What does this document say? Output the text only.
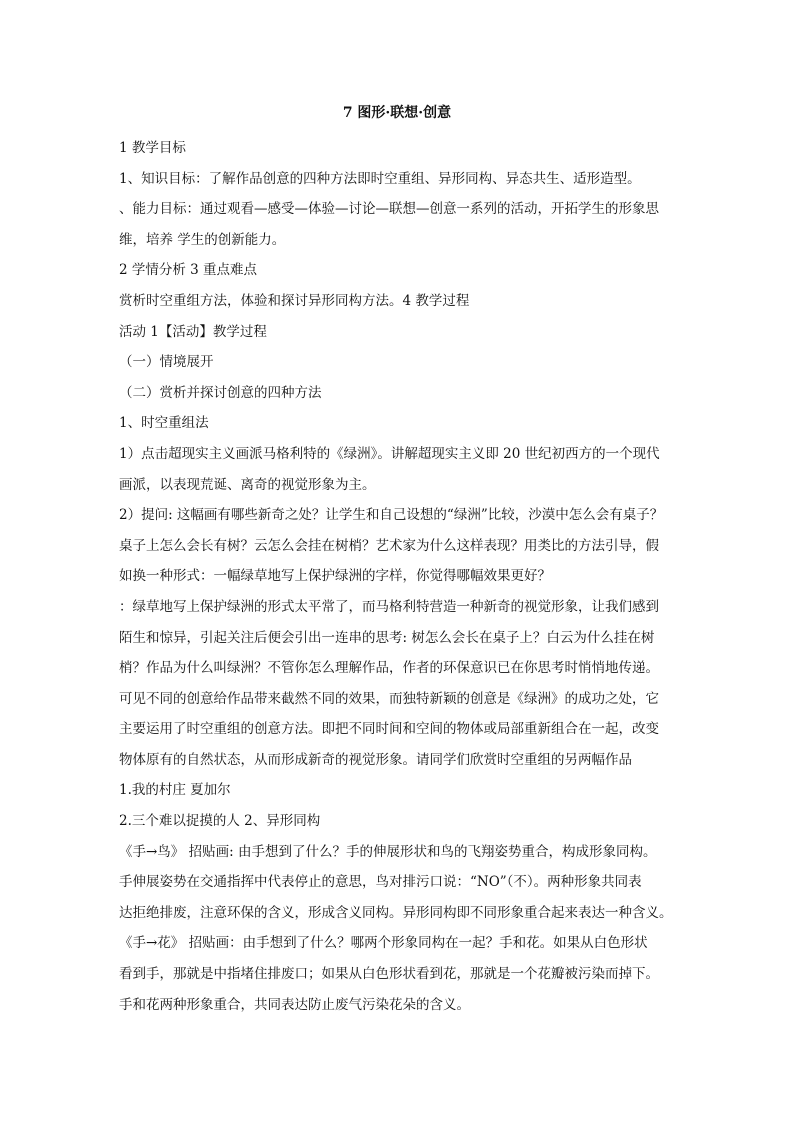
7 图形·联想·创意
1 教学目标
1、知识目标：了解作品创意的四种方法即时空重组、异形同构、异态共生、适形造型。
、能力目标：通过观看—感受—体验—讨论—联想—创意一系列的活动，开拓学生的形象思
维，培养 学生的创新能力。
2 学情分析 3 重点难点
赏析时空重组方法，体验和探讨异形同构方法。4 教学过程
活动 1【活动】教学过程
（一）情境展开
（二）赏析并探讨创意的四种方法
1、时空重组法
1）点击超现实主义画派马格利特的《绿洲》。讲解超现实主义即 20 世纪初西方的一个现代
画派，以表现荒诞、离奇的视觉形象为主。
2）提问: 这幅画有哪些新奇之处？让学生和自己设想的“绿洲”比较，沙漠中怎么会有桌子？
桌子上怎么会长有树？云怎么会挂在树梢？艺术家为什么这样表现？用类比的方法引导，假
如换一种形式：一幅绿草地写上保护绿洲的字样，你觉得哪幅效果更好？
：绿草地写上保护绿洲的形式太平常了，而马格利特营造一种新奇的视觉形象，让我们感到
陌生和惊异，引起关注后便会引出一连串的思考: 树怎么会长在桌子上？白云为什么挂在树
梢？作品为什么叫绿洲？不管你怎么理解作品，作者的环保意识已在你思考时悄悄地传递。
可见不同的创意给作品带来截然不同的效果，而独特新颖的创意是《绿洲》的成功之处，它
主要运用了时空重组的创意方法。即把不同时间和空间的物体或局部重新组合在一起，改变
物体原有的自然状态，从而形成新奇的视觉形象。请同学们欣赏时空重组的另两幅作品
1.我的村庄 夏加尔
2.三个难以捉摸的人 2、异形同构
《手→鸟》 招贴画: 由手想到了什么？手的伸展形状和鸟的飞翔姿势重合，构成形象同构。
手伸展姿势在交通指挥中代表停止的意思，鸟对排污口说：“NO”（不）。两种形象共同表
达拒绝排废，注意环保的含义，形成含义同构。异形同构即不同形象重合起来表达一种含义。
《手→花》 招贴画：由手想到了什么？哪两个形象同构在一起？手和花。如果从白色形状
看到手，那就是中指堵住排废口；如果从白色形状看到花，那就是一个花瓣被污染而掉下。
手和花两种形象重合，共同表达防止废气污染花朵的含义。
